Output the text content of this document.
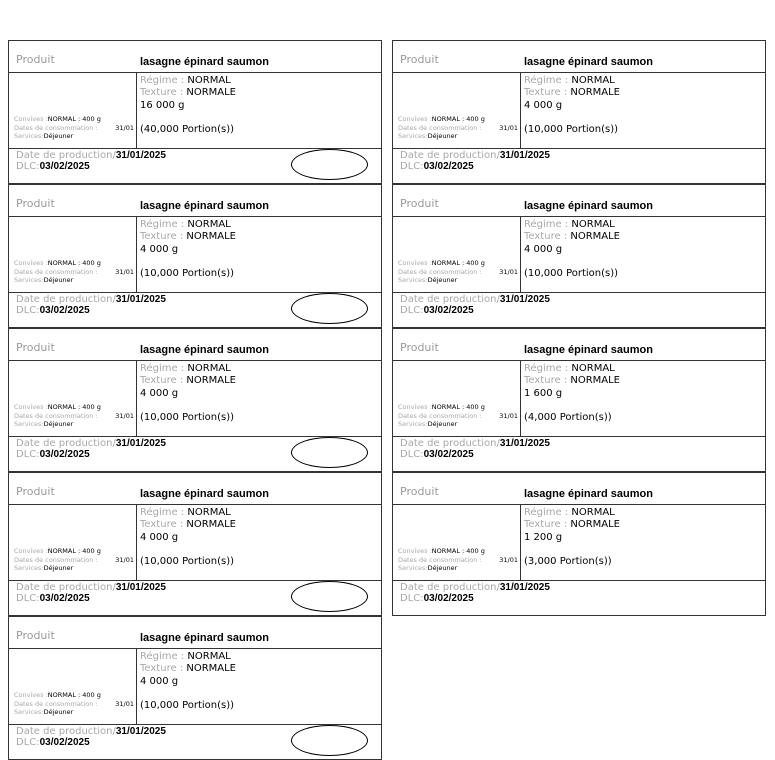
Produit	lasagne épinard saumon
Convives :NORMAL : 400 g
Dates de consommation :	31/01
Services:Déjeuner
Régime : NORMAL
Texture : NORMALE
16 000 g
(40,000 Portion(s))
Date de production/31/01/2025
DLC:03/02/2025
Produit	lasagne épinard saumon
Convives :NORMAL : 400 g
Dates de consommation :	31/01
Services:Déjeuner
Régime : NORMAL
Texture : NORMALE
4 000 g
(10,000 Portion(s))
Date de production/31/01/2025
DLC:03/02/2025
Produit	lasagne épinard saumon
Convives :NORMAL : 400 g
Dates de consommation :	31/01
Services:Déjeuner
Régime : NORMAL
Texture : NORMALE
4 000 g
(10,000 Portion(s))
Date de production/31/01/2025
DLC:03/02/2025
Produit	lasagne épinard saumon
Convives :NORMAL : 400 g
Dates de consommation :	31/01
Services:Déjeuner
Régime : NORMAL
Texture : NORMALE
4 000 g
(10,000 Portion(s))
Date de production/31/01/2025
DLC:03/02/2025
Produit	lasagne épinard saumon
Convives :NORMAL : 400 g
Dates de consommation :	31/01
Services:Déjeuner
Régime : NORMAL
Texture : NORMALE
4 000 g
(10,000 Portion(s))
Date de production/31/01/2025
DLC:03/02/2025
Produit	lasagne épinard saumon
Convives :NORMAL : 400 g
Dates de consommation :	31/01
Services:Déjeuner
Régime : NORMAL
Texture : NORMALE
1 600 g
(4,000 Portion(s))
Date de production/31/01/2025
DLC:03/02/2025
Produit	lasagne épinard saumon
Convives :NORMAL : 400 g
Dates de consommation :	31/01
Services:Déjeuner
Régime : NORMAL
Texture : NORMALE
4 000 g
(10,000 Portion(s))
Date de production/31/01/2025
DLC:03/02/2025
Produit	lasagne épinard saumon
Convives :NORMAL : 400 g
Dates de consommation :	31/01
Services:Déjeuner
Régime : NORMAL
Texture : NORMALE
1 200 g
(3,000 Portion(s))
Date de production/31/01/2025
DLC:03/02/2025
Produit	lasagne épinard saumon
Convives :NORMAL : 400 g
Dates de consommation :	31/01
Services:Déjeuner
Régime : NORMAL
Texture : NORMALE
4 000 g
(10,000 Portion(s))
Date de production/31/01/2025
DLC:03/02/2025
